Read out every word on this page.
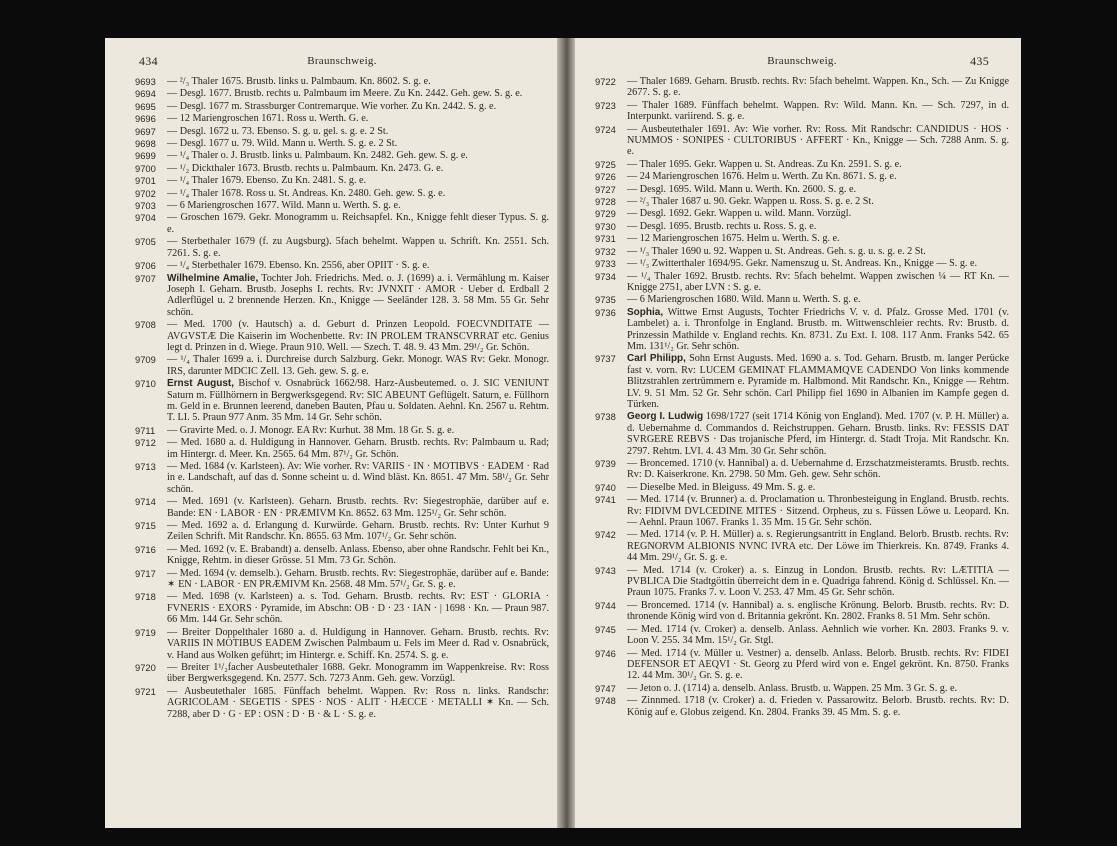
434	Braunschweig.
9693	— ²/₃ Thaler 1675. Brustb. links u. Palmbaum. Kn. 8602. S. g. e.
9694	— Desgl. 1677. Brustb. rechts u. Palmbaum im Meere. Zu Kn. 2442. Geh. gew. S. g. e.
9695	— Desgl. 1677 m. Strassburger Contremarque. Wie vorher. Zu Kn. 2442. S. g. e.
9696	— 12 Mariengroschen 1671. Ross u. Werth. G. e.
9697	— Desgl. 1672 u. 73. Ebenso. S. g. u. gel. s. g. e. 2 St.
9698	— Desgl. 1677 u. 79. Wild. Mann u. Werth. S. g. e. 2 St.
9699	— ¹/₄ Thaler o. J. Brustb. links u. Palmbaum. Kn. 2482. Geh. gew. S. g. e.
9700	— ¹/₂ Dickthaler 1673. Brustb. rechts u. Palmbaum. Kn. 2473. G. e.
9701	— ¹/₄ Thaler 1679. Ebenso. Zu Kn. 2481. S. g. e.
9702	— ¹/₄ Thaler 1678. Ross u. St. Andreas. Kn. 2480. Geh. gew. S. g. e.
9703	— 6 Mariengroschen 1677. Wild. Mann u. Werth. S. g. e.
9704	— Groschen 1679. Gekr. Monogramm u. Reichsapfel. Kn., Knigge fehlt dieser Typus. S. g. e.
9705	— Sterbethaler 1679 (f. zu Augsburg). 5fach behelmt. Wappen u. Schrift. Kn. 2551. Sch. 7261. S. g. e.
9706	— ¹/₄ Sterbethaler 1679. Ebenso. Kn. 2556, aber OPIIT · S. g. e.
9707	Wilhelmine Amalie, Tochter Joh. Friedrichs. Med. o. J. (1699) a. i. Vermählung m. Kaiser Joseph I. Geharn. Brustb. Josephs I. rechts. Rv: JVNXIT · AMOR · Ueber d. Erdball 2 Adlerflügel u. 2 brennende Herzen. Kn., Knigge — Seeländer 128. 3. 58 Mm. 55 Gr. Sehr schön.
9708	— Med. 1700 (v. Hautsch) a. d. Geburt d. Prinzen Leopold. FOECVNDITATE — AVGVSTÆ Die Kaiserin im Wochenbette. Rv: IN PROLEM TRANSCVRRAT etc. Genius legt d. Prinzen in d. Wiege. Praun 910. Well. — Szech. T. 48. 9. 43 Mm. 29¹/₂ Gr. Schön.
9709	— ¹/₄ Thaler 1699 a. i. Durchreise durch Salzburg. Gekr. Monogr. WAS Rv: Gekr. Monogr. IRS, darunter MDCIC Zell. 13. Geh. gew. S. g. e.
9710	Ernst August, Bischof v. Osnabrück 1662/98. Harz-Ausbeutemed. o. J. SIC VENIUNT Saturn m. Füllhörnern in Bergwerksgegend. Rv: SIC ABEUNT Geflügelt. Saturn, e. Füllhorn m. Geld in e. Brunnen leerend, daneben Bauten, Pfau u. Soldaten. Aehnl. Kn. 2567 u. Rehtm. T. LI. 5. Praun 977 Anm. 35 Mm. 14 Gr. Sehr schön.
9711	— Gravirte Med. o. J. Monogr. EA Rv: Kurhut. 38 Mm. 18 Gr. S. g. e.
9712	— Med. 1680 a. d. Huldigung in Hannover. Geharn. Brustb. rechts. Rv: Palmbaum u. Rad; im Hintergr. d. Meer. Kn. 2565. 64 Mm. 87¹/₂ Gr. Schön.
9713	— Med. 1684 (v. Karlsteen). Av: Wie vorher. Rv: VARIIS · IN · MOTIBVS · EADEM · Rad in e. Landschaft, auf das d. Sonne scheint u. d. Wind bläst. Kn. 8651. 47 Mm. 58¹/₂ Gr. Sehr schön.
9714	— Med. 1691 (v. Karlsteen). Geharn. Brustb. rechts. Rv: Siegestrophäe, darüber auf e. Bande: EN · LABOR · EN · PRÆMIVM Kn. 8652. 63 Mm. 125¹/₂ Gr. Sehr schön.
9715	— Med. 1692 a. d. Erlangung d. Kurwürde. Geharn. Brustb. rechts. Rv: Unter Kurhut 9 Zeilen Schrift. Mit Randschr. Kn. 8655. 63 Mm. 107¹/₂ Gr. Sehr schön.
9716	— Med. 1692 (v. E. Brabandt) a. denselb. Anlass. Ebenso, aber ohne Randschr. Fehlt bei Kn., Knigge, Rehtm. in dieser Grösse. 51 Mm. 73 Gr. Schön.
9717	— Med. 1694 (v. demselb.). Geharn. Brustb. rechts. Rv: Siegestrophäe, darüber auf e. Bande: ✶ EN · LABOR · EN PRÆMIVM Kn. 2568. 48 Mm. 57¹/₂ Gr. S. g. e.
9718	— Med. 1698 (v. Karlsteen) a. s. Tod. Geharn. Brustb. rechts. Rv: EST · GLORIA · FVNERIS · EXORS · Pyramide, im Abschn: OB · D · 23 · IAN · | 1698 · Kn. — Praun 987. 66 Mm. 144 Gr. Sehr schön.
9719	— Breiter Doppelthaler 1680 a. d. Huldigung in Hannover. Geharn. Brustb. rechts. Rv: VARIIS IN MOTIBUS EADEM Zwischen Palmbaum u. Fels im Meer d. Rad v. Osnabrück, v. Hand aus Wolken geführt; im Hintergr. e. Schiff. Kn. 2574. S. g. e.
9720	— Breiter 1¹/₂facher Ausbeutethaler 1688. Gekr. Monogramm im Wappenkreise. Rv: Ross über Bergwerksgegend. Kn. 2577. Sch. 7273 Anm. Geh. gew. Vorzügl.
9721	— Ausbeutethaler 1685. Fünffach behelmt. Wappen. Rv: Ross n. links. Randschr: AGRICOLAM · SEGETIS · SPES · NOS · ALIT · HÆCCE · METALLI ✶ Kn. — Sch. 7288, aber D · G · EP : OSN : D · B · & L · S. g. e.
Braunschweig.	435
9722	— Thaler 1689. Geharn. Brustb. rechts. Rv: 5fach behelmt. Wappen. Kn., Sch. — Zu Knigge 2677. S. g. e.
9723	— Thaler 1689. Fünffach behelmt. Wappen. Rv: Wild. Mann. Kn. — Sch. 7297, in d. Interpunkt. variirend. S. g. e.
9724	— Ausbeutethaler 1691. Av: Wie vorher. Rv: Ross. Mit Randschr: CANDIDUS · HOS · NUMMOS · SONIPES · CULTORIBUS · AFFERT · Kn., Knigge — Sch. 7288 Anm. S. g. e.
9725	— Thaler 1695. Gekr. Wappen u. St. Andreas. Zu Kn. 2591. S. g. e.
9726	— 24 Mariengroschen 1676. Helm u. Werth. Zu Kn. 8671. S. g. e.
9727	— Desgl. 1695. Wild. Mann u. Werth. Kn. 2600. S. g. e.
9728	— ²/₃ Thaler 1687 u. 90. Gekr. Wappen u. Ross. S. g. e. 2 St.
9729	— Desgl. 1692. Gekr. Wappen u. wild. Mann. Vorzügl.
9730	— Desgl. 1695. Brustb. rechts u. Ross. S. g. e.
9731	— 12 Mariengroschen 1675. Helm u. Werth. S. g. e.
9732	— ¹/₃ Thaler 1690 u. 92. Wappen u. St. Andreas. Geh. s. g. u. s. g. e. 2 St.
9733	— ¹/₃ Zwitterthaler 1694/95. Gekr. Namenszug u. St. Andreas. Kn., Knigge — S. g. e.
9734	— ¹/₄ Thaler 1692. Brustb. rechts. Rv: 5fach behelmt. Wappen zwischen ¼ — RT Kn. — Knigge 2751, aber LVN : S. g. e.
9735	— 6 Mariengroschen 1680. Wild. Mann u. Werth. S. g. e.
9736	Sophia, Wittwe Ernst Augusts, Tochter Friedrichs V. v. d. Pfalz. Grosse Med. 1701 (v. Lambelet) a. i. Thronfolge in England. Brustb. m. Wittwenschleier rechts. Rv: Brustb. d. Prinzessin Mathilde v. England rechts. Kn. 8731. Zu Ext. I. 108. 117 Anm. Franks 542. 65 Mm. 131¹/₂ Gr. Sehr schön.
9737	Carl Philipp, Sohn Ernst Augusts. Med. 1690 a. s. Tod. Geharn. Brustb. m. langer Perücke fast v. vorn. Rv: LUCEM GEMINAT FLAMMAMQVE CADENDO Von links kommende Blitzstrahlen zertrümmern e. Pyramide m. Halbmond. Mit Randschr. Kn., Knigge — Rehtm. LV. 9. 51 Mm. 52 Gr. Sehr schön. Carl Philipp fiel 1690 in Albanien im Kampfe gegen d. Türken.
9738	Georg I. Ludwig 1698/1727 (seit 1714 König von England). Med. 1707 (v. P. H. Müller) a. d. Uebernahme d. Commandos d. Reichstruppen. Geharn. Brustb. links. Rv: FESSIS DAT SVRGERE REBVS · Das trojanische Pferd, im Hintergr. d. Stadt Troja. Mit Randschr. Kn. 2797. Rehtm. LVI. 4. 43 Mm. 30 Gr. Sehr schön.
9739	— Broncemed. 1710 (v. Hannibal) a. d. Uebernahme d. Erzschatzmeisteramts. Brustb. rechts. Rv: D. Kaiserkrone. Kn. 2798. 50 Mm. Geh. gew. Sehr schön.
9740	— Dieselbe Med. in Bleiguss. 49 Mm. S. g. e.
9741	— Med. 1714 (v. Brunner) a. d. Proclamation u. Thronbesteigung in England. Brustb. rechts. Rv: FIDIVM DVLCEDINE MITES · Sitzend. Orpheus, zu s. Füssen Löwe u. Leopard. Kn. — Aehnl. Praun 1067. Franks 1. 35 Mm. 15 Gr. Sehr schön.
9742	— Med. 1714 (v. P. H. Müller) a. s. Regierungsantritt in England. Belorb. Brustb. rechts. Rv: REGNORVM ALBIONIS NVNC IVRA etc. Der Löwe im Thierkreis. Kn. 8749. Franks 4. 44 Mm. 29¹/₂ Gr. S. g. e.
9743	— Med. 1714 (v. Croker) a. s. Einzug in London. Brustb. rechts. Rv: LÆTITIA — PVBLICA Die Stadtgöttin überreicht dem in e. Quadriga fahrend. König d. Schlüssel. Kn. — Praun 1075. Franks 7. v. Loon V. 253. 47 Mm. 45 Gr. Sehr schön.
9744	— Broncemed. 1714 (v. Hannibal) a. s. englische Krönung. Belorb. Brustb. rechts. Rv: D. thronende König wird von d. Britannia gekrönt. Kn. 2802. Franks 8. 51 Mm. Sehr schön.
9745	— Med. 1714 (v. Croker) a. denselb. Anlass. Aehnlich wie vorher. Kn. 2803. Franks 9. v. Loon V. 255. 34 Mm. 15¹/₂ Gr. Stgl.
9746	— Med. 1714 (v. Müller u. Vestner) a. denselb. Anlass. Belorb. Brustb. rechts. Rv: FIDEI DEFENSOR ET AEQVI · St. Georg zu Pferd wird von e. Engel gekrönt. Kn. 8750. Franks 12. 44 Mm. 30¹/₂ Gr. S. g. e.
9747	— Jeton o. J. (1714) a. denselb. Anlass. Brustb. u. Wappen. 25 Mm. 3 Gr. S. g. e.
9748	— Zinnmed. 1718 (v. Croker) a. d. Frieden v. Passarowitz. Belorb. Brustb. rechts. Rv: D. König auf e. Globus zeigend. Kn. 2804. Franks 39. 45 Mm. S. g. e.
